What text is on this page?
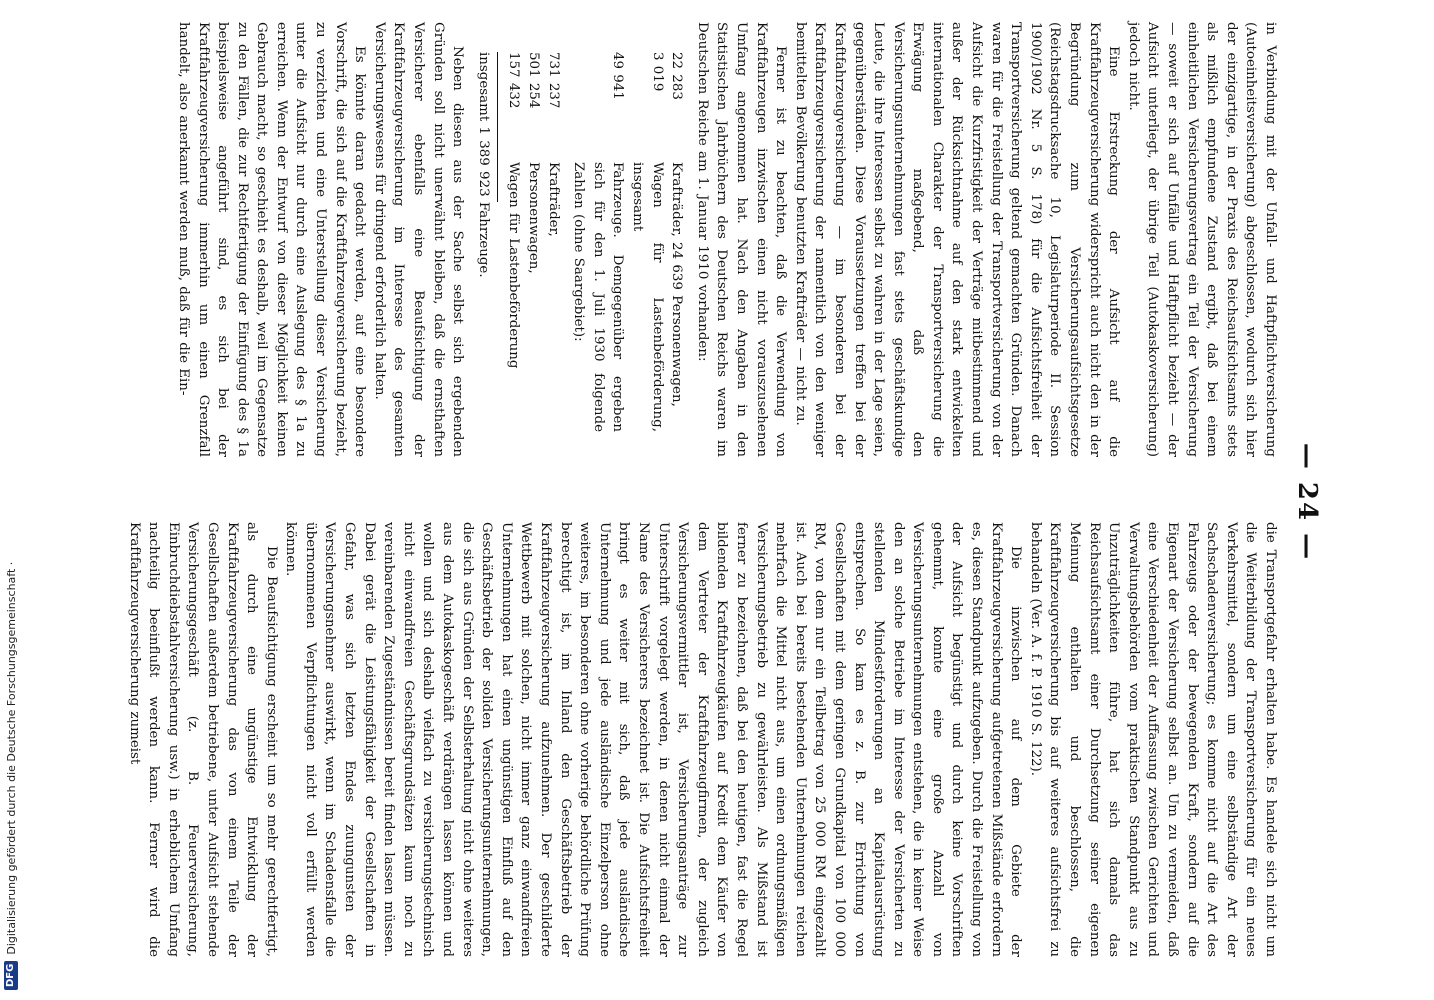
— 24 —

in Verbindung mit der Unfall- und Haftpflichtversicherung (Autoeinheitsversicherung) abgeschlossen, wodurch sich hier der einzigartige, in der Praxis des Reichsaufsichtsamts stets als mißlich empfundene Zustand ergibt, daß bei einem einheitlichen Versicherungsvertrag ein Teil der Versicherung — soweit er sich auf Unfälle und Haftpflicht bezieht — der Aufsicht unterliegt, der übrige Teil (Autokaskoversicherung) jedoch nicht.

Eine Erstreckung der Aufsicht auf die Kraftfahrzeugversicherung widerspricht auch nicht den in der Begründung zum Versicherungsaufsichtsgesetze (Reichstagsdrucksache 10, Legislaturperiode II. Session 1900/1902 Nr. 5 S. 178) für die Aufsichtsfreiheit der Transportversicherung geltend gemachten Gründen. Danach waren für die Freistellung der Transportversicherung von der Aufsicht die Kurzfristigkeit der Verträge mitbestimmend und außer der Rücksichtnahme auf den stark entwickelten internationalen Charakter der Transportversicherung die Erwägung maßgebend, daß den Versicherungsunternehmungen fast stets geschäftskundige Leute, die ihre Interessen selbst zu wahren in der Lage seien, gegenüberständen. Diese Voraussetzungen treffen bei der Kraftfahrzeugversicherung — im besonderen bei der Kraftfahrzeugversicherung der namentlich von den weniger bemittelten Bevölkerung benutzten Krafträder — nicht zu.

Ferner ist zu beachten, daß die Verwendung von Kraftfahrzeugen inzwischen einen nicht vorauszusehenen Umfang angenommen hat. Nach den Angaben in den Statistischen Jahrbüchern des Deutschen Reichs waren im Deutschen Reiche am 1. Januar 1910 vorhanden:

22 283
Krafträder, 24 639 Personenwagen,
3 019
Wagen für Lastenbeförderung, insgesamt
49 941
Fahrzeuge. Demgegenüber ergeben sich für den 1. Juli 1930 folgende Zahlen (ohne Saargebiet):
731 237
Krafträder,
501 254
Personenwagen,
157 432
Wagen für Lastenbeförderung
insgesamt 1 389 923 Fahrzeuge.

Neben diesen aus der Sache selbst sich ergebenden Gründen soll nicht unerwähnt bleiben, daß die ernsthaften Versicherer ebenfalls eine Beaufsichtigung der Kraftfahrzeugversicherung im Interesse des gesamten Versicherungswesens für dringend erforderlich halten.

Es könnte daran gedacht werden, auf eine besondere Vorschrift, die sich auf die Kraftfahrzeugversicherung bezieht, zu verzichten und eine Unterstellung dieser Versicherung unter die Aufsicht nur durch eine Auslegung des § 1a zu erreichen. Wenn der Entwurf von dieser Möglichkeit keinen Gebrauch macht, so geschieht es deshalb, weil im Gegensatze zu den Fällen, die zur Rechtfertigung der Einfügung des § 1a beispielsweise angeführt sind, es sich bei der Kraftfahrzeugversicherung immerhin um einen Grenzfall handelt, also anerkannt werden muß, daß für die Ein-

die Transportgefahr erhalten habe. Es handele sich nicht um die Weiterbildung der Transportversicherung für ein neues Verkehrsmittel, sondern um eine selbständige Art der Sachschadenversicherung; es komme nicht auf die Art des Fahrzeugs oder der bewegenden Kraft, sondern auf die Eigenart der Versicherung selbst an. Um zu vermeiden, daß eine Verschiedenheit der Auffassung zwischen Gerichten und Verwaltungsbehörden vom praktischen Standpunkt aus zu Unzuträglichkeiten führe, hat sich damals das Reichsaufsichtsamt einer Durchsetzung seiner eigenen Meinung enthalten und beschlossen, die Kraftfahrzeugversicherung bis auf weiteres aufsichtsfrei zu behandeln (Ver. A. f. P. 1910 S. 122).

Die inzwischen auf dem Gebiete der Kraftfahrzeugversicherung aufgetretenen Mißstände erfordern es, diesen Standpunkt aufzugeben. Durch die Freistellung von der Aufsicht begünstigt und durch keine Vorschriften gehemmt, konnte eine große Anzahl von Versicherungsunternehmungen entstehen, die in keiner Weise den an solche Betriebe im Interesse der Versicherten zu stellenden Mindestforderungen an Kapitalausrüstung entsprechen. So kam es z. B. zur Errichtung von Gesellschaften mit dem geringen Grundkapital von 100 000 RM, von dem nur ein Teilbetrag von 25 000 RM eingezahlt ist. Auch bei bereits bestehenden Unternehmungen reichen mehrfach die Mittel nicht aus, um einen ordnungsmäßigen Versicherungsbetrieb zu gewährleisten. Als Mißstand ist ferner zu bezeichnen, daß bei den heutigen, fast die Regel bildenden Kraftfahrzeugkäufen auf Kredit dem Käufer von dem Vertreter der Kraftfahrzeugfirmen, der zugleich Versicherungsvermittler ist, Versicherungsanträge zur Unterschrift vorgelegt werden, in denen nicht einmal der Name des Versicherers bezeichnet ist. Die Aufsichtsfreiheit bringt es weiter mit sich, daß jede ausländische Unternehmung und jede ausländische Einzelperson ohne weiteres, im besonderen ohne vorherige behördliche Prüfung berechtigt ist, im Inland den Geschäftsbetrieb der Kraftfahrzeugversicherung aufzunehmen. Der geschilderte Wettbewerb mit solchen, nicht immer ganz einwandfreien Unternehmungen hat einen ungünstigen Einfluß auf den Geschäftsbetrieb der soliden Versicherungsunternehmungen, die sich aus Gründen der Selbsterhaltung nicht ohne weiteres aus dem Autokaskogeschäft verdrängen lassen können und wollen und sich deshalb vielfach zu versicherungstechnisch nicht einwandfreien Geschäftsgrundsätzen kaum noch zu vereinbarenden Zugeständnissen bereit finden lassen müssen. Dabei gerät die Leistungsfähigkeit der Gesellschaften in Gefahr, was sich letzten Endes zuungunsten der Versicherungsnehmer auswirkt, wenn im Schadensfalle die übernommenen Verpflichtungen nicht voll erfüllt werden können.

Die Beaufsichtigung erscheint um so mehr gerechtfertigt, als durch eine ungünstige Entwicklung der Kraftfahrzeugversicherung das von einem Teile der Gesellschaften außerdem betriebene, unter Aufsicht stehende Versicherungsgeschäft (z. B. Feuerversicherung, Einbruchdiebstahlversicherung usw.) in erheblichem Umfang nachteilig beeinflußt werden kann. Ferner wird die Kraftfahrzeugversicherung zumeist

DFG
Digitalisierung gefördert durch die Deutsche Forschungsgemeinschaft ·
